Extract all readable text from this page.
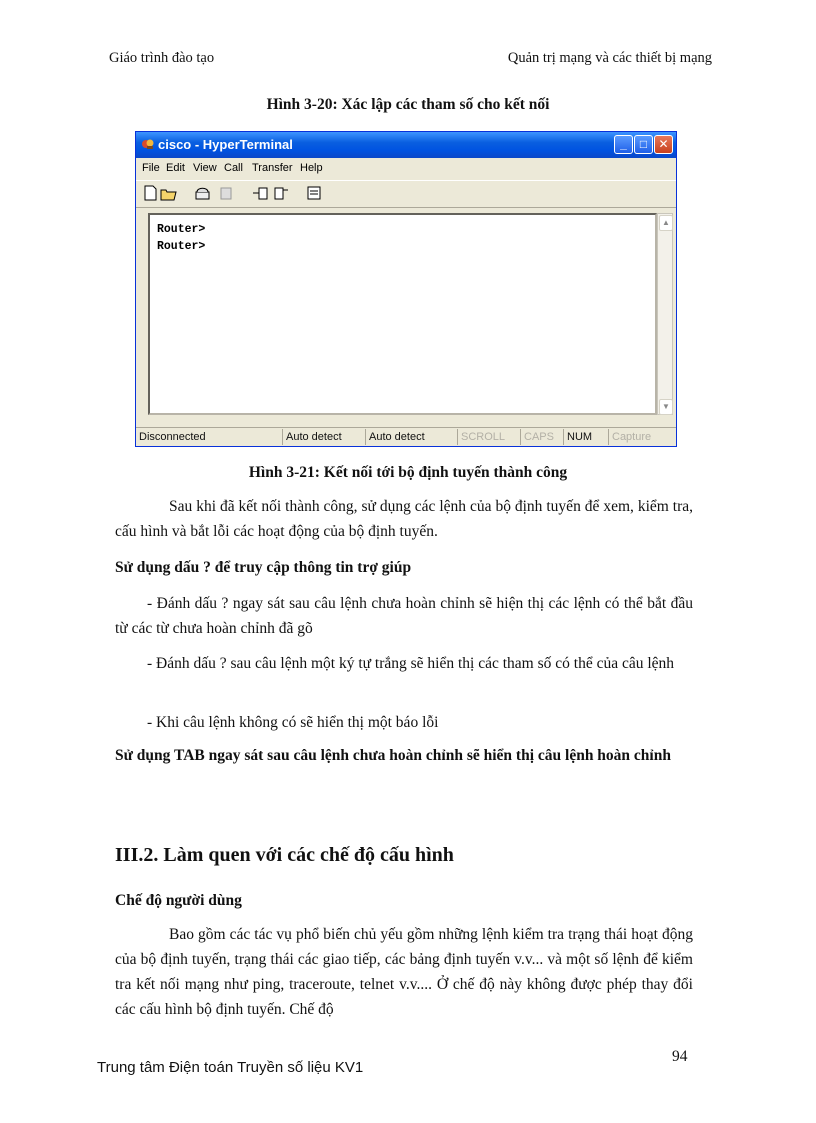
Giáo trình đào tạo	Quản trị mạng và các thiết bị mạng
Hình 3-20: Xác lập các tham số cho kết nối
cisco - HyperTerminal	_	□ ✕
File Edit View Call Transfer Help
Router>
Router>
▲
▼
Disconnected	Auto detect	Auto detect	SCROLL	CAPS	NUM	Capture
Hình 3-21: Kết nối tới bộ định tuyến thành công
Sau khi đã kết nối thành công, sử dụng các lệnh của bộ định tuyến để xem, kiểm tra, cấu hình và bắt lỗi các hoạt động của bộ định tuyến.
Sử dụng dấu ? để truy cập thông tin trợ giúp
- Đánh dấu ? ngay sát sau câu lệnh chưa hoàn chỉnh sẽ hiện thị các lệnh có thể bắt đầu từ các từ chưa hoàn chỉnh đã gõ
- Đánh dấu ? sau câu lệnh một ký tự trắng sẽ hiển thị các tham số có thể của câu lệnh
- Khi câu lệnh không có sẽ hiển thị một báo lỗi
Sử dụng TAB ngay sát sau câu lệnh chưa hoàn chỉnh sẽ hiển thị câu lệnh hoàn chỉnh
III.2. Làm quen với các chế độ cấu hình
Chế độ người dùng
Bao gồm các tác vụ phổ biến chủ yếu gồm những lệnh kiểm tra trạng thái hoạt động của bộ định tuyến, trạng thái các giao tiếp, các bảng định tuyến v.v... và một số lệnh để kiểm tra kết nối mạng như ping, traceroute, telnet v.v.... Ở chế độ này không được phép thay đổi các cấu hình bộ định tuyến. Chế độ
94
Trung tâm Điện toán Truyền số liệu KV1
